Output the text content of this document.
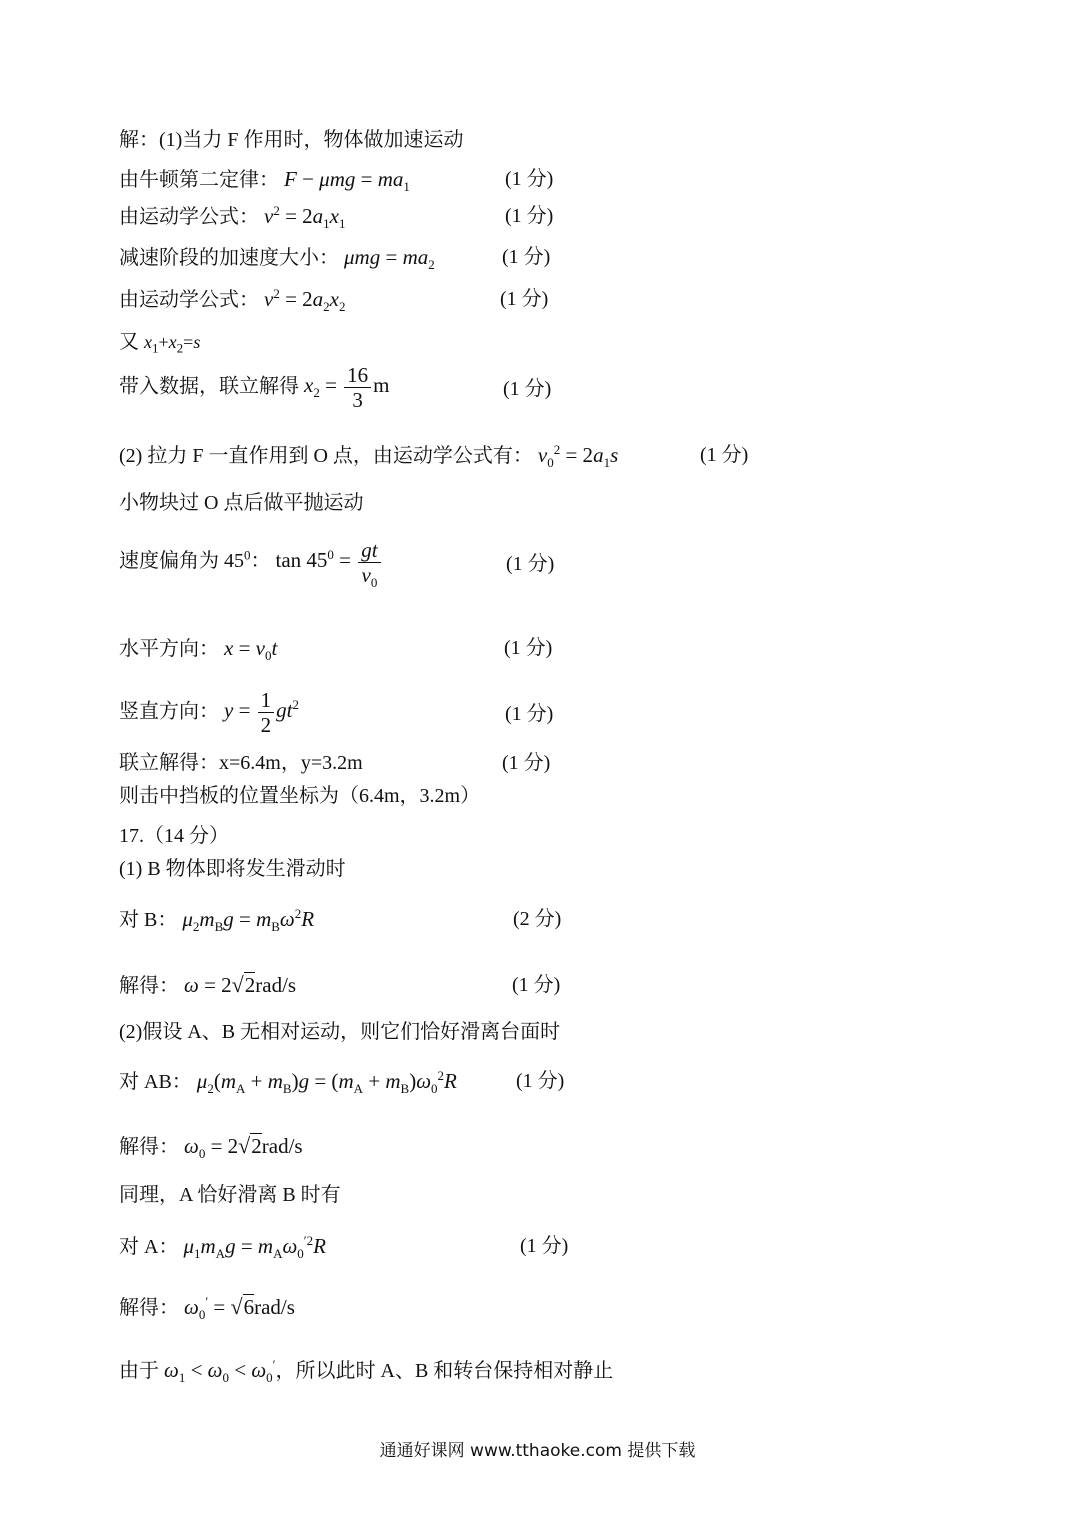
解：(1)当力 F 作用时，物体做加速运动
由牛顿第二定律： $F - \mu mg = ma_1$	(1 分)
由运动学公式： $v^2 = 2a_1x_1$	(1 分)
减速阶段的加速度大小： $\mu mg = ma_2$	(1 分)
由运动学公式： $v^2 = 2a_2x_2$	(1 分)
又 $x_1+x_2=s$
带入数据，联立解得 $x_2 = \frac{16}{3}$ m	(1 分)
(2) 拉力 F 一直作用到 O 点，由运动学公式有： $v_0^2 = 2a_1s$	(1 分)
小物块过 O 点后做平抛运动
速度偏角为 $45^0$： $\tan 45^0 = \frac{gt}{v_0}$	(1 分)
水平方向： $x = v_0t$	(1 分)
竖直方向： $y = \frac{1}{2} gt^2$	(1 分)
联立解得：x=6.4m，y=3.2m	(1 分)
则击中挡板的位置坐标为（6.4m，3.2m）
17.（14 分）
(1) B 物体即将发生滑动时
对 B： $\mu_2m_Bg = m_B\omega^2R$	(2 分)
解得： ω = 2√2rad/s	(1 分)
(2)假设 A、B 无相对运动，则它们恰好滑离台面时
对 AB： $\mu_2(m_A + m_B)g = (m_A + m_B)\omega_0^2R$	(1 分)
解得： $\omega_0 = 2√2rad/s$
同理，A 恰好滑离 B 时有
对 A： $\mu_1m_Ag = m_A\omega_0^{'2}R$	(1 分)
解得： $\omega_0' = √6rad/s$
由于 $\omega_1 < \omega_0 < \omega_0'$，所以此时 A、B 和转台保持相对静止
通通好课网 www.tthaoke.com 提供下载
